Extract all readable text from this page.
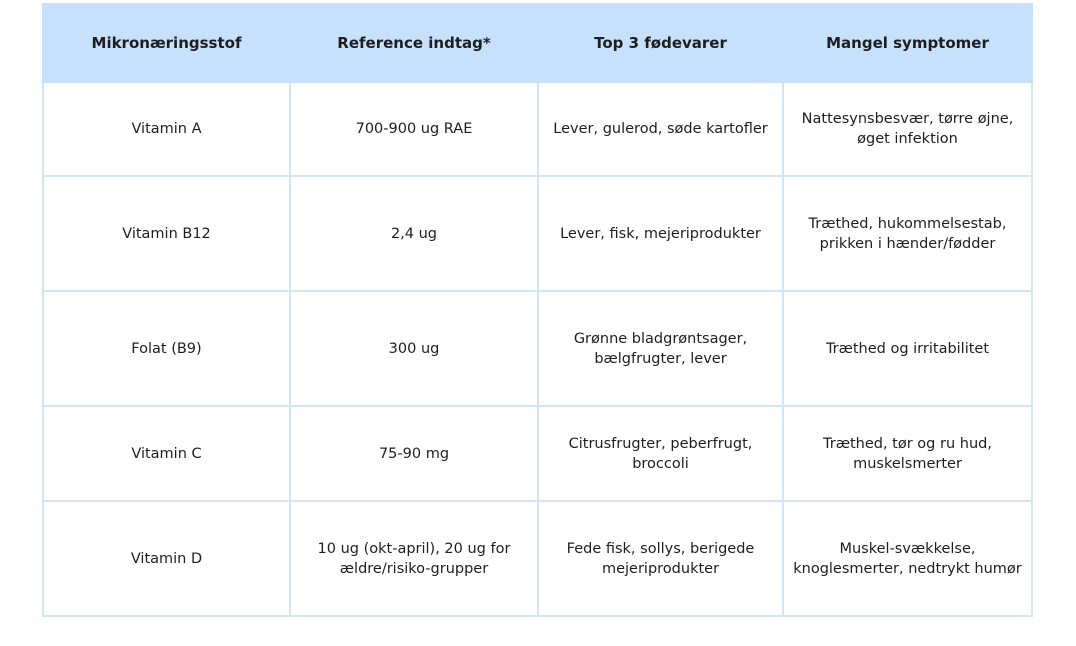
Mikronæringsstof	Reference indtag*	Top 3 fødevarer	Mangel symptomer
Vitamin A	700-900 ug RAE	Lever, gulerod, søde kartofler	Nattesynsbesvær, tørre øjne, øget infektion
Vitamin B12	2,4 ug	Lever, fisk, mejeriprodukter	Træthed, hukommelsestab, prikken i hænder/fødder
Folat (B9)	300 ug	Grønne bladgrøntsager, bælgfrugter, lever	Træthed og irritabilitet
Vitamin C	75-90 mg	Citrusfrugter, peberfrugt, broccoli	Træthed, tør og ru hud, muskelsmerter
Vitamin D	10 ug (okt-april), 20 ug for ældre/risiko-grupper	Fede fisk, sollys, berigede mejeriprodukter	Muskel-svækkelse, knoglesmerter, nedtrykt humør
